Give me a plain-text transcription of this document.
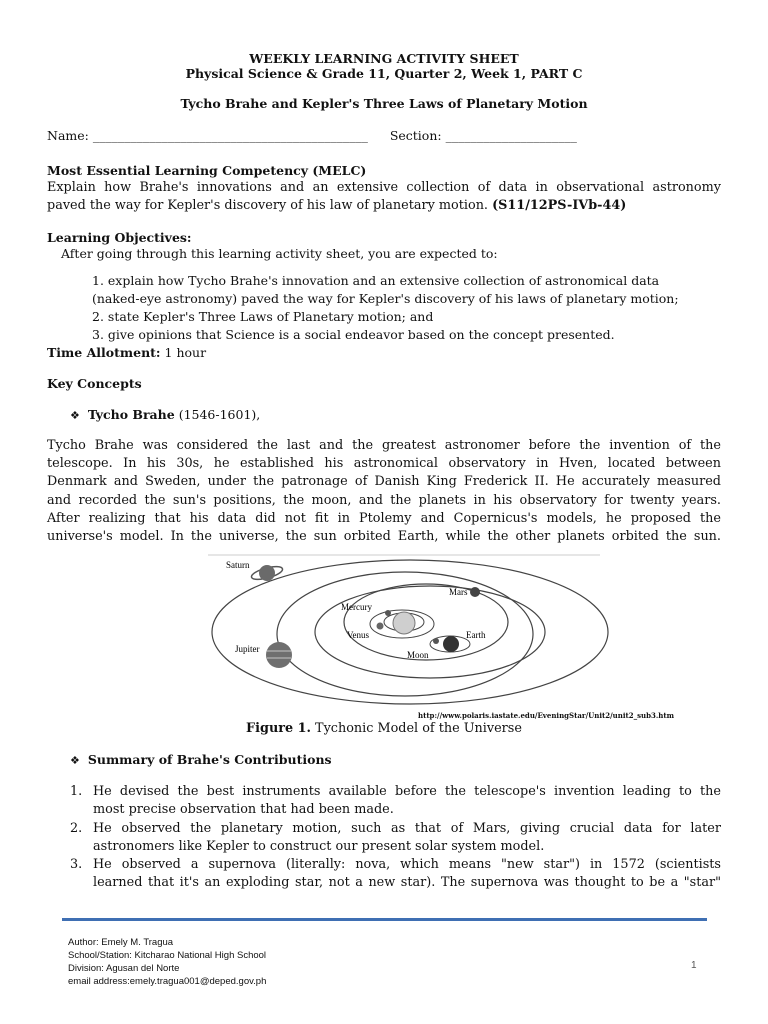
WEEKLY LEARNING ACTIVITY SHEET
Physical Science & Grade 11, Quarter 2, Week 1, PART C
Tycho Brahe and Kepler's Three Laws of Planetary Motion
Name: ____________________________________________ Section: _____________________
Most Essential Learning Competency (MELC)
Explain how Brahe's innovations and an extensive collection of data in observational astronomy
paved the way for Kepler's discovery of his law of planetary motion. (S11/12PS-IVb-44)
Learning Objectives:
After going through this learning activity sheet, you are expected to:
1. explain how Tycho Brahe's innovation and an extensive collection of astronomical data
(naked-eye astronomy) paved the way for Kepler's discovery of his laws of planetary motion;
2. state Kepler's Three Laws of Planetary motion; and
3. give opinions that Science is a social endeavor based on the concept presented.
Time Allotment: 1 hour
Key Concepts
❖ Tycho Brahe (1546-1601),
Tycho Brahe was considered the last and the greatest astronomer before the invention of the
telescope. In his 30s, he established his astronomical observatory in Hven, located between
Denmark and Sweden, under the patronage of Danish King Frederick II. He accurately measured
and recorded the sun's positions, the moon, and the planets in his observatory for twenty years.
After realizing that his data did not fit in Ptolemy and Copernicus's models, he proposed the
universe's model. In the universe, the sun orbited Earth, while the other planets orbited the sun.
Saturn
Mercury
Mars
Venus	Earth
Jupiter
Moon
http://www.polaris.iastate.edu/EveningStar/Unit2/unit2_sub3.htm
Figure 1. Tychonic Model of the Universe
❖ Summary of Brahe's Contributions
1. He devised the best instruments available before the telescope's invention leading to the
most precise observation that had been made.
2. He observed the planetary motion, such as that of Mars, giving crucial data for later
astronomers like Kepler to construct our present solar system model.
3. He observed a supernova (literally: nova, which means "new star") in 1572 (scientists
learned that it's an exploding star, not a new star). The supernova was thought to be a "star"
Author: Emely M. Tragua
School/Station: Kitcharao National High School
Division: Agusan del Norte
email address:emely.tragua001@deped.gov.ph
1
